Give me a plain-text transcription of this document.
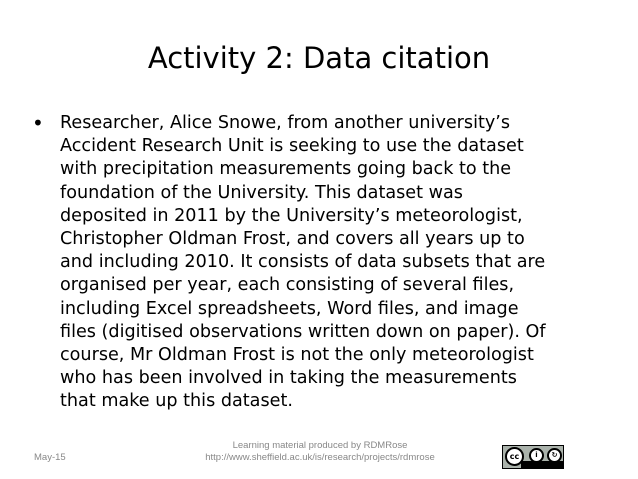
Activity 2: Data citation
• Researcher, Alice Snowe, from another university’s
Accident Research Unit is seeking to use the dataset
with precipitation measurements going back to the
foundation of the University. This dataset was
deposited in 2011 by the University’s meteorologist,
Christopher Oldman Frost, and covers all years up to
and including 2010. It consists of data subsets that are
organised per year, each consisting of several files,
including Excel spreadsheets, Word files, and image
files (digitised observations written down on paper). Of
course, Mr Oldman Frost is not the only meteorologist
who has been involved in taking the measurements
that make up this dataset.
May-15
Learning material produced by RDMRose
http://www.sheffield.ac.uk/is/research/projects/rdmrose	cc	i	↻
